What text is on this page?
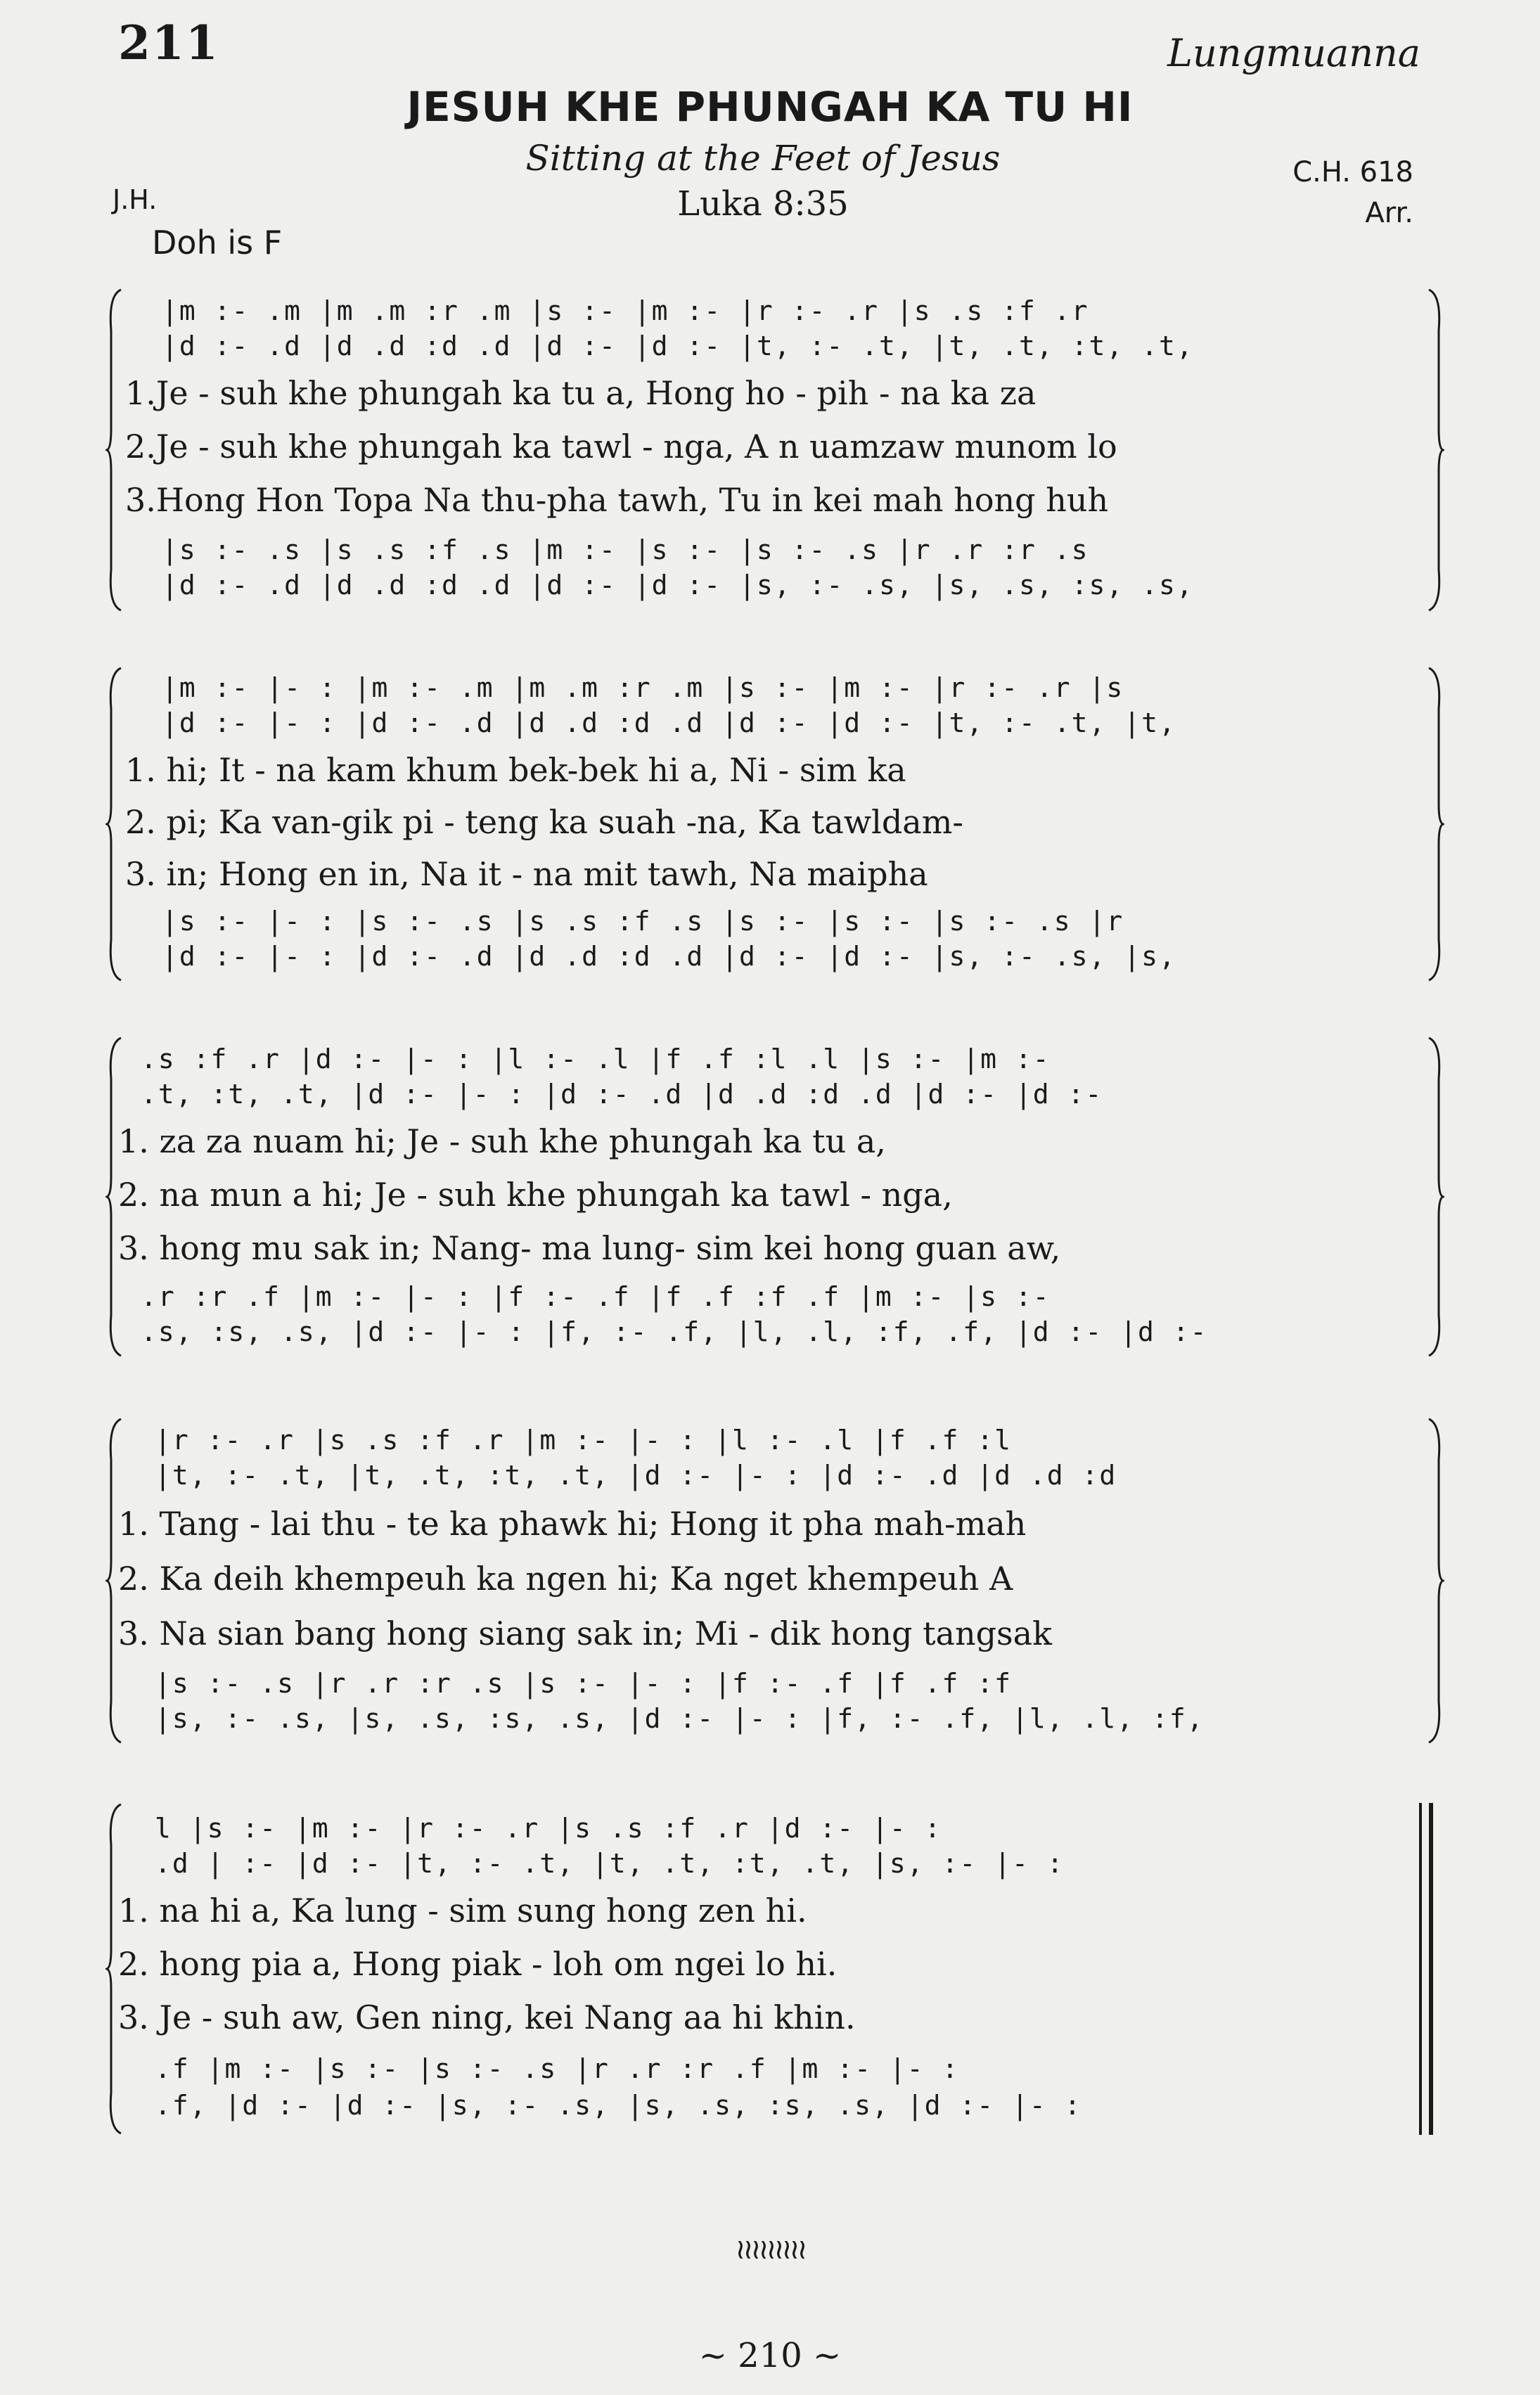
211	Lungmuanna
JESUH KHE PHUNGAH KA TU HI
Sitting at the Feet of Jesus
J.H.	Luka 8:35
C.H. 618
Arr.
Doh is F
|m :- .m |m .m :r .m |s :- |m :- |r :- .r |s .s :f .r
|d :- .d |d .d :d .d |d :- |d :- |t, :- .t, |t, .t, :t, .t,
1.Je - suh khe phungah ka tu a, Hong ho - pih - na ka za
2.Je - suh khe phungah ka tawl - nga, A n uamzaw munom lo
3.Hong Hon Topa Na thu-pha tawh, Tu in kei mah hong huh
|s :- .s |s .s :f .s |m :- |s :- |s :- .s |r .r :r .s
|d :- .d |d .d :d .d |d :- |d :- |s, :- .s, |s, .s, :s, .s,
|m :- |- : |m :- .m |m .m :r .m |s :- |m :- |r :- .r |s
|d :- |- : |d :- .d |d .d :d .d |d :- |d :- |t, :- .t, |t,
1. hi; It - na kam khum bek-bek hi a, Ni - sim ka
2. pi; Ka van-gik pi - teng ka suah -na, Ka tawldam-
3. in; Hong en in, Na it - na mit tawh, Na maipha
|s :- |- : |s :- .s |s .s :f .s |s :- |s :- |s :- .s |r
|d :- |- : |d :- .d |d .d :d .d |d :- |d :- |s, :- .s, |s,
.s :f .r |d :- |- : |l :- .l |f .f :l .l |s :- |m :-
.t, :t, .t, |d :- |- : |d :- .d |d .d :d .d |d :- |d :-
1. za za nuam hi; Je - suh khe phungah ka tu a,
2. na mun a hi; Je - suh khe phungah ka tawl - nga,
3. hong mu sak in; Nang- ma lung- sim kei hong guan aw,
.r :r .f |m :- |- : |f :- .f |f .f :f .f |m :- |s :-
.s, :s, .s, |d :- |- : |f, :- .f, |l, .l, :f, .f, |d :- |d :-
|r :- .r |s .s :f .r |m :- |- : |l :- .l |f .f :l
|t, :- .t, |t, .t, :t, .t, |d :- |- : |d :- .d |d .d :d
1. Tang - lai thu - te ka phawk hi; Hong it pha mah-mah
2. Ka deih khempeuh ka ngen hi; Ka nget khempeuh A
3. Na sian bang hong siang sak in; Mi - dik hong tangsak
|s :- .s |r .r :r .s |s :- |- : |f :- .f |f .f :f
|s, :- .s, |s, .s, :s, .s, |d :- |- : |f, :- .f, |l, .l, :f,
l |s :- |m :- |r :- .r |s .s :f .r |d :- |- :
.d | :- |d :- |t, :- .t, |t, .t, :t, .t, |s, :- |- :
1. na hi a, Ka lung - sim sung hong zen hi.
2. hong pia a, Hong piak - loh om ngei lo hi.
3. Je - suh aw, Gen ning, kei Nang aa hi khin.
.f |m :- |s :- |s :- .s |r .r :r .f |m :- |- :
.f, |d :- |d :- |s, :- .s, |s, .s, :s, .s, |d :- |- :
≀≀≀≀≀≀≀≀≀
~ 210 ~
